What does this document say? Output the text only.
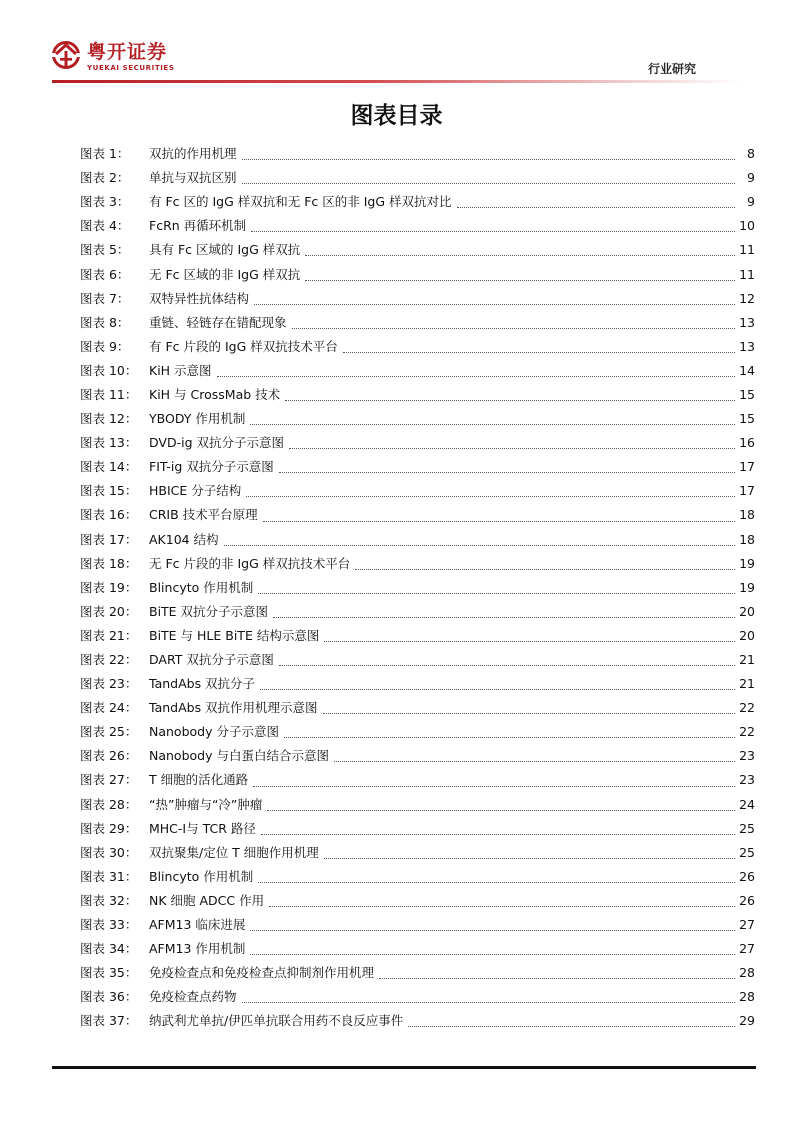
粤开证券
YUEKAI SECURITIES	行业研究
图表目录
图表 1：	双抗的作用机理	8
图表 2：	单抗与双抗区别	9
图表 3：	有 Fc 区的 IgG 样双抗和无 Fc 区的非 IgG 样双抗对比	9
图表 4：	FcRn 再循环机制	10
图表 5：	具有 Fc 区域的 IgG 样双抗	11
图表 6：	无 Fc 区域的非 IgG 样双抗	11
图表 7：	双特异性抗体结构	12
图表 8：	重链、轻链存在错配现象	13
图表 9：	有 Fc 片段的 IgG 样双抗技术平台	13
图表 10： KiH 示意图	14
图表 11： KiH 与 CrossMab 技术	15
图表 12： YBODY 作用机制	15
图表 13： DVD-ig 双抗分子示意图	16
图表 14： FIT-ig 双抗分子示意图	17
图表 15： HBICE 分子结构	17
图表 16： CRIB 技术平台原理	18
图表 17： AK104 结构	18
图表 18： 无 Fc 片段的非 IgG 样双抗技术平台	19
图表 19： Blincyto 作用机制	19
图表 20： BiTE 双抗分子示意图	20
图表 21： BiTE 与 HLE BiTE 结构示意图	20
图表 22： DART 双抗分子示意图	21
图表 23： TandAbs 双抗分子	21
图表 24： TandAbs 双抗作用机理示意图	22
图表 25： Nanobody 分子示意图	22
图表 26： Nanobody 与白蛋白结合示意图	23
图表 27： T 细胞的活化通路	23
图表 28： “热”肿瘤与“冷”肿瘤	24
图表 29： MHC-Ⅰ与 TCR 路径	25
图表 30： 双抗聚集/定位 T 细胞作用机理	25
图表 31： Blincyto 作用机制	26
图表 32： NK 细胞 ADCC 作用	26
图表 33： AFM13 临床进展	27
图表 34： AFM13 作用机制	27
图表 35： 免疫检查点和免疫检查点抑制剂作用机理	28
图表 36： 免疫检查点药物	28
图表 37： 纳武利尤单抗/伊匹单抗联合用药不良反应事件	29
